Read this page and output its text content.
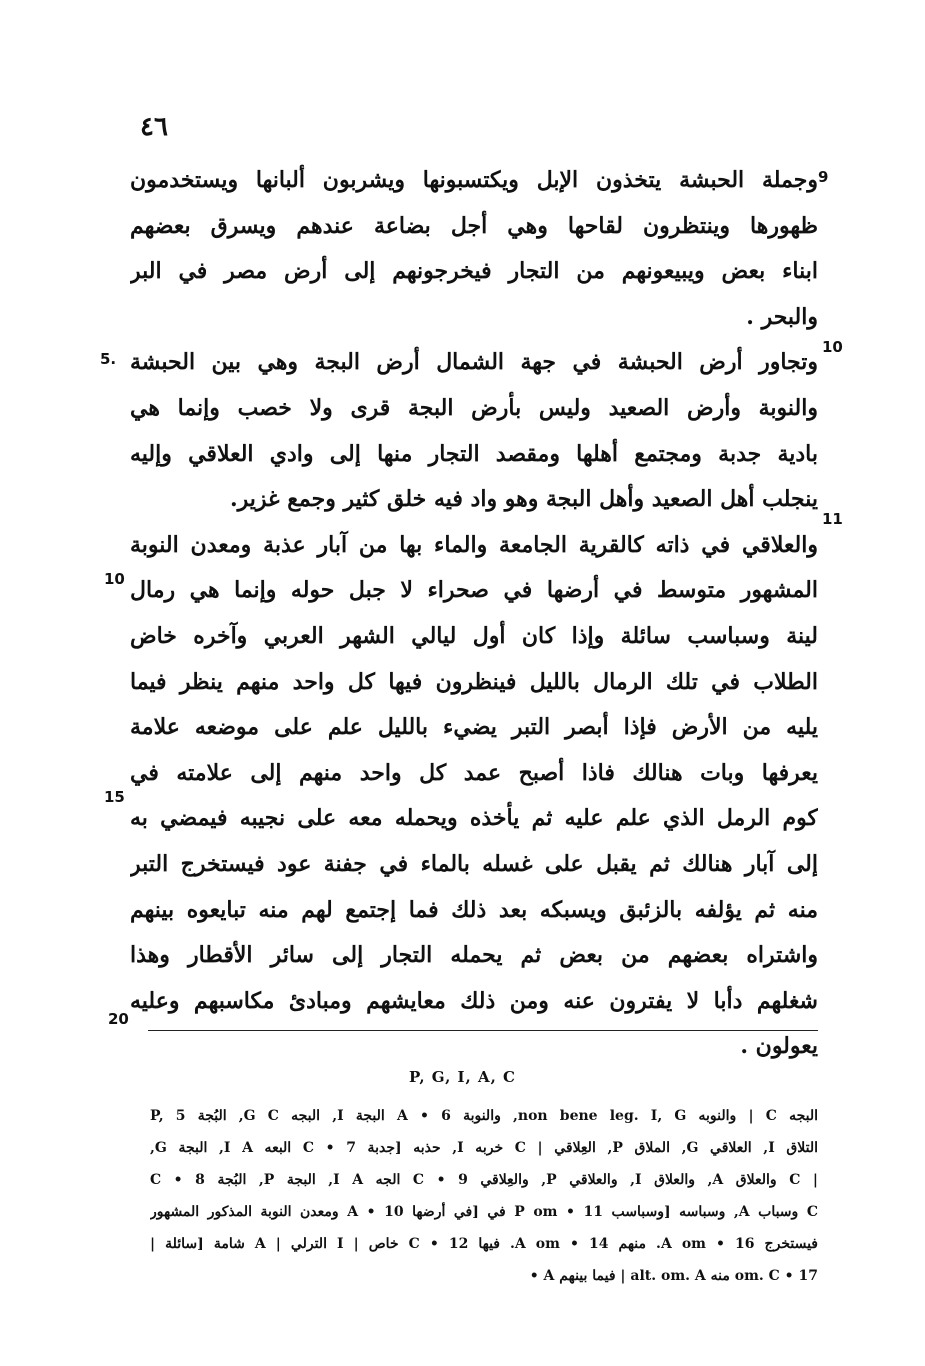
٤٦
وجملة الحبشة يتخذون الإبل ويكتسبونها ويشربون ألبانها ويستخدمون
ظهورها وينتظرون لقاحها وهي أجل بضاعة عندهم ويسرق بعضهم
ابناء بعض ويبيعونهم من التجار فيخرجونهم إلى أرض مصر في البر
والبحر .
وتجاور أرض الحبشة في جهة الشمال أرض البجة وهي بين الحبشة
والنوبة وأرض الصعيد وليس بأرض البجة قرى ولا خصب وإنما هي
بادية جدبة ومجتمع أهلها ومقصد التجار منها إلى وادي العلاقي وإليه
ينجلب أهل الصعيد وأهل البجة وهو واد فيه خلق كثير وجمع غزير.
والعلاقي في ذاته كالقرية الجامعة والماء بها من آبار عذبة ومعدن النوبة
المشهور متوسط في أرضها في صحراء لا جبل حوله وإنما هي رمال
لينة وسباسب سائلة وإذا كان أول ليالي الشهر العربي وآخره خاض
الطلاب في تلك الرمال بالليل فينظرون فيها كل واحد منهم ينظر فيما
يليه من الأرض فإذا أبصر التبر يضيء بالليل علم على موضعه علامة
يعرفها وبات هنالك فاذا أصبح عمد كل واحد منهم إلى علامته في
كوم الرمل الذي علم عليه ثم يأخذه ويحمله معه على نجيبه فيمضي به
إلى آبار هنالك ثم يقبل على غسله بالماء في جفنة عود فيستخرج التبر
منه ثم يؤلفه بالزئبق ويسبكه بعد ذلك فما إجتمع لهم منه تبايعوه بينهم
واشتراه بعضهم من بعض ثم يحمله التجار إلى سائر الأقطار وهذا
شغلهم دأبا لا يفترون عنه ومن ذلك معايشهم ومبادئ مكاسبهم وعليه
يعولون .
9
10
11
5.
10
15
20
P, G, I, A, C
البجه C | والنوبه non bene leg. I, G, والنوبة 6 • A البجة I, البجه G C, البُجة P, 5
التلاق I, العلاقي G, الملاق P, العِلاقي | C خربه I, حذبه [جدبة 7 • C البعه I A, البجة G,
| C والعلاق A, والعلاق I, والعلاقي P, والعِلاقي 9 • C الجه I A, البجة P, البُجة 8 • C
C وسباب A, وسباسه [وسباسب 11 • P om في [في أرضها 10 • A ومعدن النوبة المذكور المشهور
فيستخرج 16 • A om. منهم 14 • A om. فيها 12 • C خاص | I الترلي | A شامة [سائلة |
om. C • 17 منه alt. om. A | فيما بينهم A •
